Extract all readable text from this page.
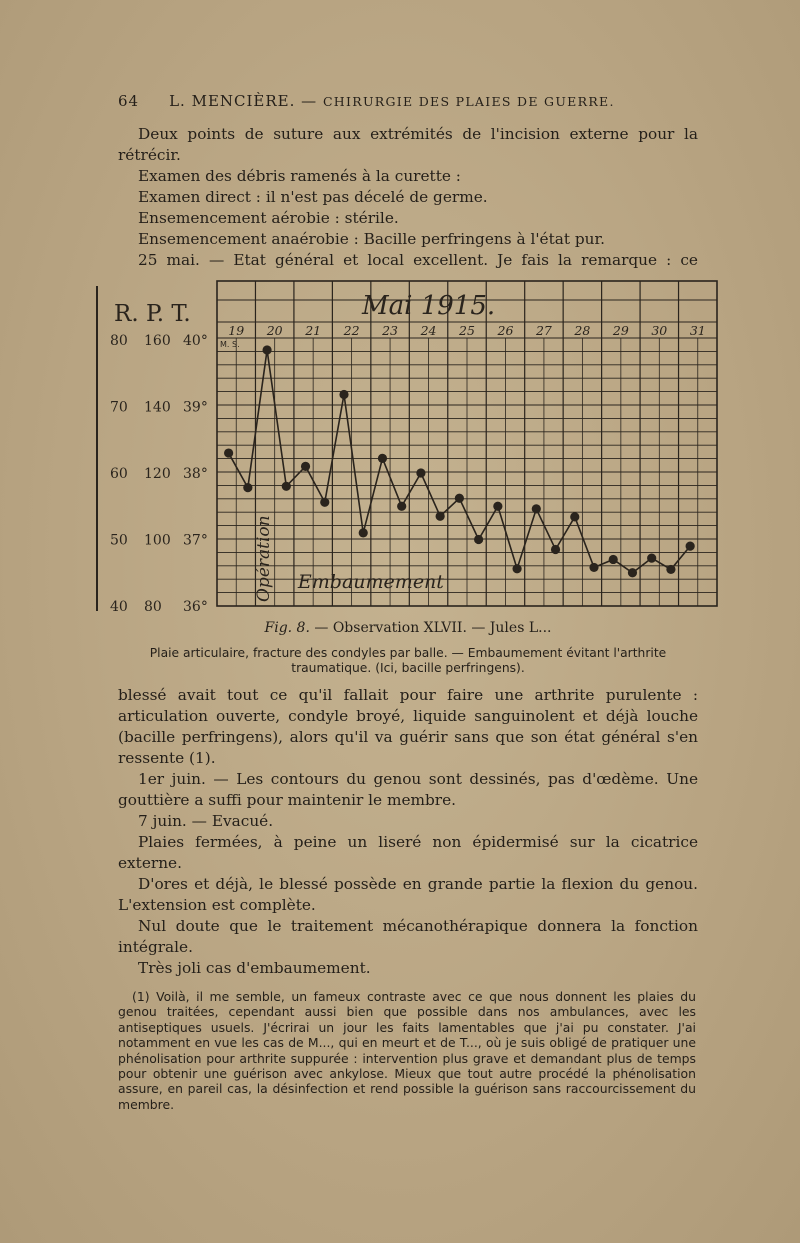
64 L. MENCIÈRE. — CHIRURGIE DES PLAIES DE GUERRE.

Deux points de suture aux extrémités de l'incision externe pour la rétrécir.

Examen des débris ramenés à la curette :

Examen direct : il n'est pas décelé de germe.

Ensemencement aérobie : stérile.

Ensemencement anaérobie : Bacille perfringens à l'état pur.

25 mai. — Etat général et local excellent. Je fais la remarque : ce

Mai 1915.
19 20 21 22 23 24 25 26 27 28 29 30 31
M. S.
R. P. T.
80 160 40°
70 140 39°
60 120 38°
50 100 37°
40 80 36°
Opération Embaumement
Fig. 8. — Observation XLVII. — Jules L...
Plaie articulaire, fracture des condyles par balle. — Embaumement évitant l'arthrite traumatique. (Ici, bacille perfringens).

blessé avait tout ce qu'il fallait pour faire une arthrite purulente : articulation ouverte, condyle broyé, liquide sanguinolent et déjà louche (bacille perfringens), alors qu'il va guérir sans que son état général s'en ressente (1).

1er juin. — Les contours du genou sont dessinés, pas d'œdème. Une gouttière a suffi pour maintenir le membre.

7 juin. — Evacué.

Plaies fermées, à peine un liseré non épidermisé sur la cicatrice externe.

D'ores et déjà, le blessé possède en grande partie la flexion du genou. L'extension est complète.

Nul doute que le traitement mécanothérapique donnera la fonction intégrale.

Très joli cas d'embaumement.

(1) Voilà, il me semble, un fameux contraste avec ce que nous donnent les plaies du genou traitées, cependant aussi bien que possible dans nos ambulances, avec les antiseptiques usuels. J'écrirai un jour les faits lamentables que j'ai pu constater. J'ai notamment en vue les cas de M..., qui en meurt et de T..., où je suis obligé de pratiquer une phénolisation pour arthrite suppurée : intervention plus grave et demandant plus de temps pour obtenir une guérison avec ankylose. Mieux que tout autre procédé la phénolisation assure, en pareil cas, la désinfection et rend possible la guérison sans raccourcissement du membre.
